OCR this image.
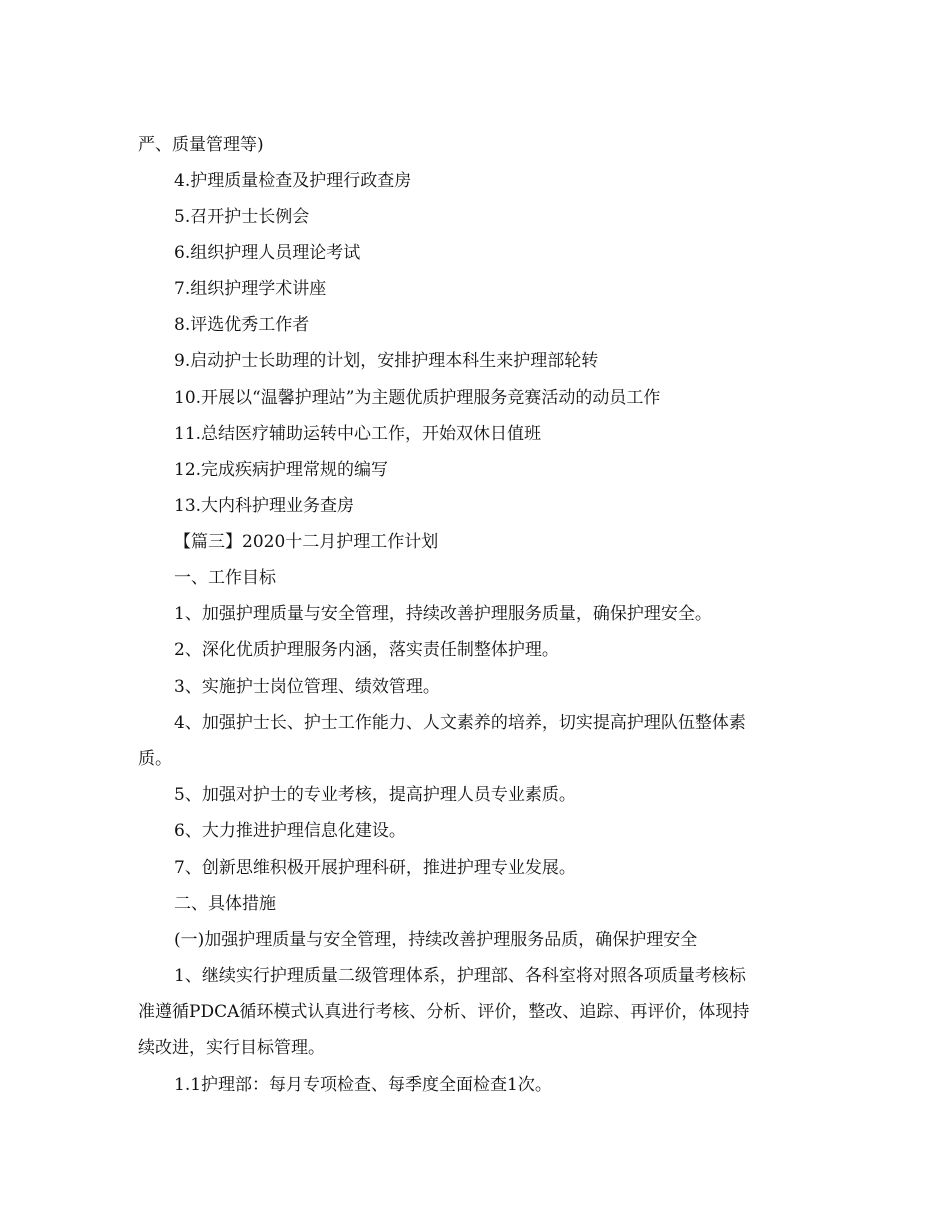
严、质量管理等)
4.护理质量检查及护理行政查房
5.召开护士长例会
6.组织护理人员理论考试
7.组织护理学术讲座
8.评选优秀工作者
9.启动护士长助理的计划，安排护理本科生来护理部轮转
10.开展以“温馨护理站”为主题优质护理服务竞赛活动的动员工作
11.总结医疗辅助运转中心工作，开始双休日值班
12.完成疾病护理常规的编写
13.大内科护理业务查房
【篇三】2020十二月护理工作计划
一、工作目标
1、加强护理质量与安全管理，持续改善护理服务质量，确保护理安全。
2、深化优质护理服务内涵，落实责任制整体护理。
3、实施护士岗位管理、绩效管理。
4、加强护士长、护士工作能力、人文素养的培养，切实提高护理队伍整体素
质。
5、加强对护士的专业考核，提高护理人员专业素质。
6、大力推进护理信息化建设。
7、创新思维积极开展护理科研，推进护理专业发展。
二、具体措施
(一)加强护理质量与安全管理，持续改善护理服务品质，确保护理安全
1、继续实行护理质量二级管理体系，护理部、各科室将对照各项质量考核标
准遵循PDCA循环模式认真进行考核、分析、评价，整改、追踪、再评价，体现持
续改进，实行目标管理。
1.1护理部：每月专项检查、每季度全面检查1次。
